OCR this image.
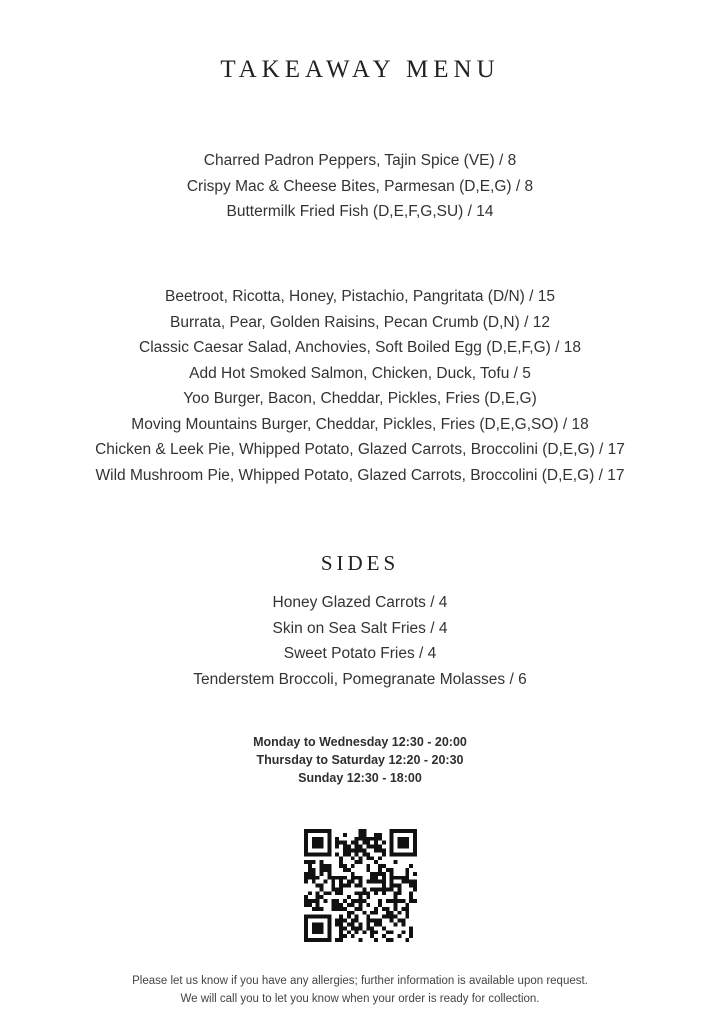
TAKEAWAY MENU
Charred Padron Peppers, Tajin Spice (VE) / 8
Crispy Mac & Cheese Bites, Parmesan (D,E,G) / 8
Buttermilk Fried Fish (D,E,F,G,SU) / 14
Beetroot, Ricotta, Honey, Pistachio, Pangritata (D/N) / 15
Burrata, Pear, Golden Raisins, Pecan Crumb (D,N) / 12
Classic Caesar Salad, Anchovies, Soft Boiled Egg (D,E,F,G) / 18
Add Hot Smoked Salmon, Chicken, Duck, Tofu / 5
Yoo Burger, Bacon, Cheddar, Pickles, Fries (D,E,G)
Moving Mountains Burger, Cheddar, Pickles, Fries (D,E,G,SO) / 18
Chicken & Leek Pie, Whipped Potato, Glazed Carrots, Broccolini (D,E,G) / 17
Wild Mushroom Pie, Whipped Potato, Glazed Carrots, Broccolini (D,E,G) / 17
SIDES
Honey Glazed Carrots / 4
Skin on Sea Salt Fries / 4
Sweet Potato Fries / 4
Tenderstem Broccoli, Pomegranate Molasses / 6
Monday to Wednesday 12:30 - 20:00
Thursday to Saturday 12:20 - 20:30
Sunday 12:30 - 18:00
Please let us know if you have any allergies; further information is available upon request.
We will call you to let you know when your order is ready for collection.
